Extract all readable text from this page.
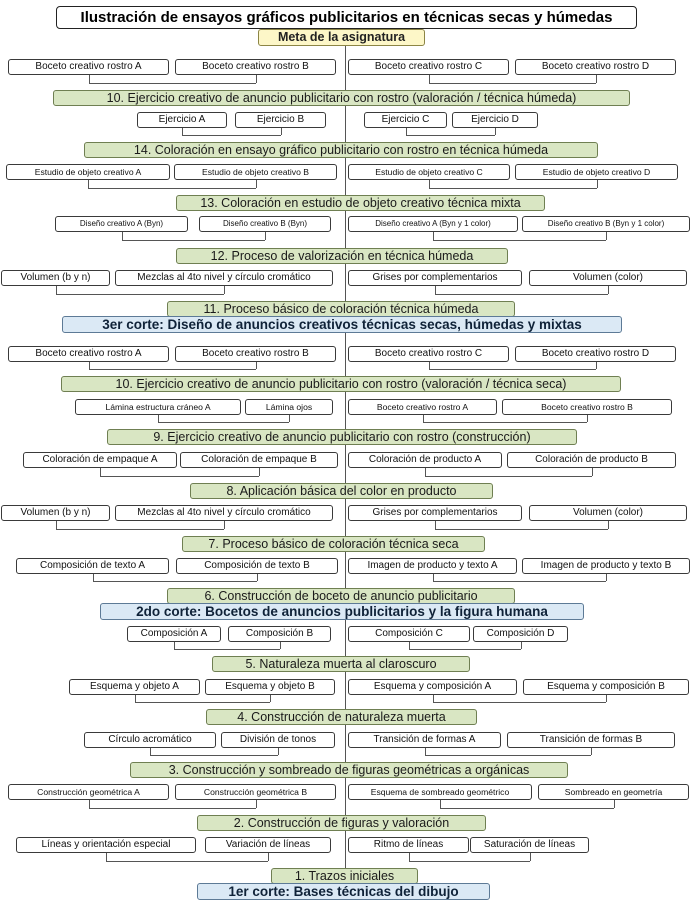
Ilustración de ensayos gráficos publicitarios en técnicas secas y húmedas
Meta de la asignatura
Boceto creativo rostro A	Boceto creativo rostro B	Boceto creativo rostro C	Boceto creativo rostro D
10. Ejercicio creativo de anuncio publicitario con rostro (valoración / técnica húmeda)
Ejercicio A	Ejercicio B	Ejercicio C	Ejercicio D
14. Coloración en ensayo gráfico publicitario con rostro en técnica húmeda
Estudio de objeto creativo A	Estudio de objeto creativo B	Estudio de objeto creativo C	Estudio de objeto creativo D
13. Coloración en estudio de objeto creativo técnica mixta
Diseño creativo A (Byn)	Diseño creativo B (Byn)	Diseño creativo A (Byn y 1 color)	Diseño creativo B (Byn y 1 color)
12. Proceso de valorización en técnica húmeda
Volumen (b y n)	Mezclas al 4to nivel y círculo cromático	Grises por complementarios	Volumen (color)
11. Proceso básico de coloración técnica húmeda
3er corte: Diseño de anuncios creativos técnicas secas, húmedas y mixtas
Boceto creativo rostro A	Boceto creativo rostro B	Boceto creativo rostro C	Boceto creativo rostro D
10. Ejercicio creativo de anuncio publicitario con rostro (valoración / técnica seca)
Lámina estructura cráneo A	Lámina ojos	Boceto creativo rostro A	Boceto creativo rostro B
9. Ejercicio creativo de anuncio publicitario con rostro (construcción)
Coloración de empaque A	Coloración de empaque B	Coloración de producto A	Coloración de producto B
8. Aplicación básica del color en producto
Volumen (b y n)	Mezclas al 4to nivel y círculo cromático	Grises por complementarios	Volumen (color)
7. Proceso básico de coloración técnica seca
Composición de texto A	Composición de texto B	Imagen de producto y texto A	Imagen de producto y texto B
6. Construcción de boceto de anuncio publicitario
2do corte: Bocetos de anuncios publicitarios y la figura humana
Composición A	Composición B	Composición C	Composición D
5. Naturaleza muerta al claroscuro
Esquema y objeto A	Esquema y objeto B	Esquema y composición A	Esquema y composición B
4. Construcción de naturaleza muerta
Círculo acromático	División de tonos	Transición de formas A	Transición de formas B
3. Construcción y sombreado de figuras geométricas a orgánicas
Construcción geométrica A	Construcción geométrica B	Esquema de sombreado geométrico	Sombreado en geometría
2. Construcción de figuras y valoración
Líneas y orientación especial	Variación de líneas	Ritmo de líneas	Saturación de líneas
1. Trazos iniciales
1er corte: Bases técnicas del dibujo
